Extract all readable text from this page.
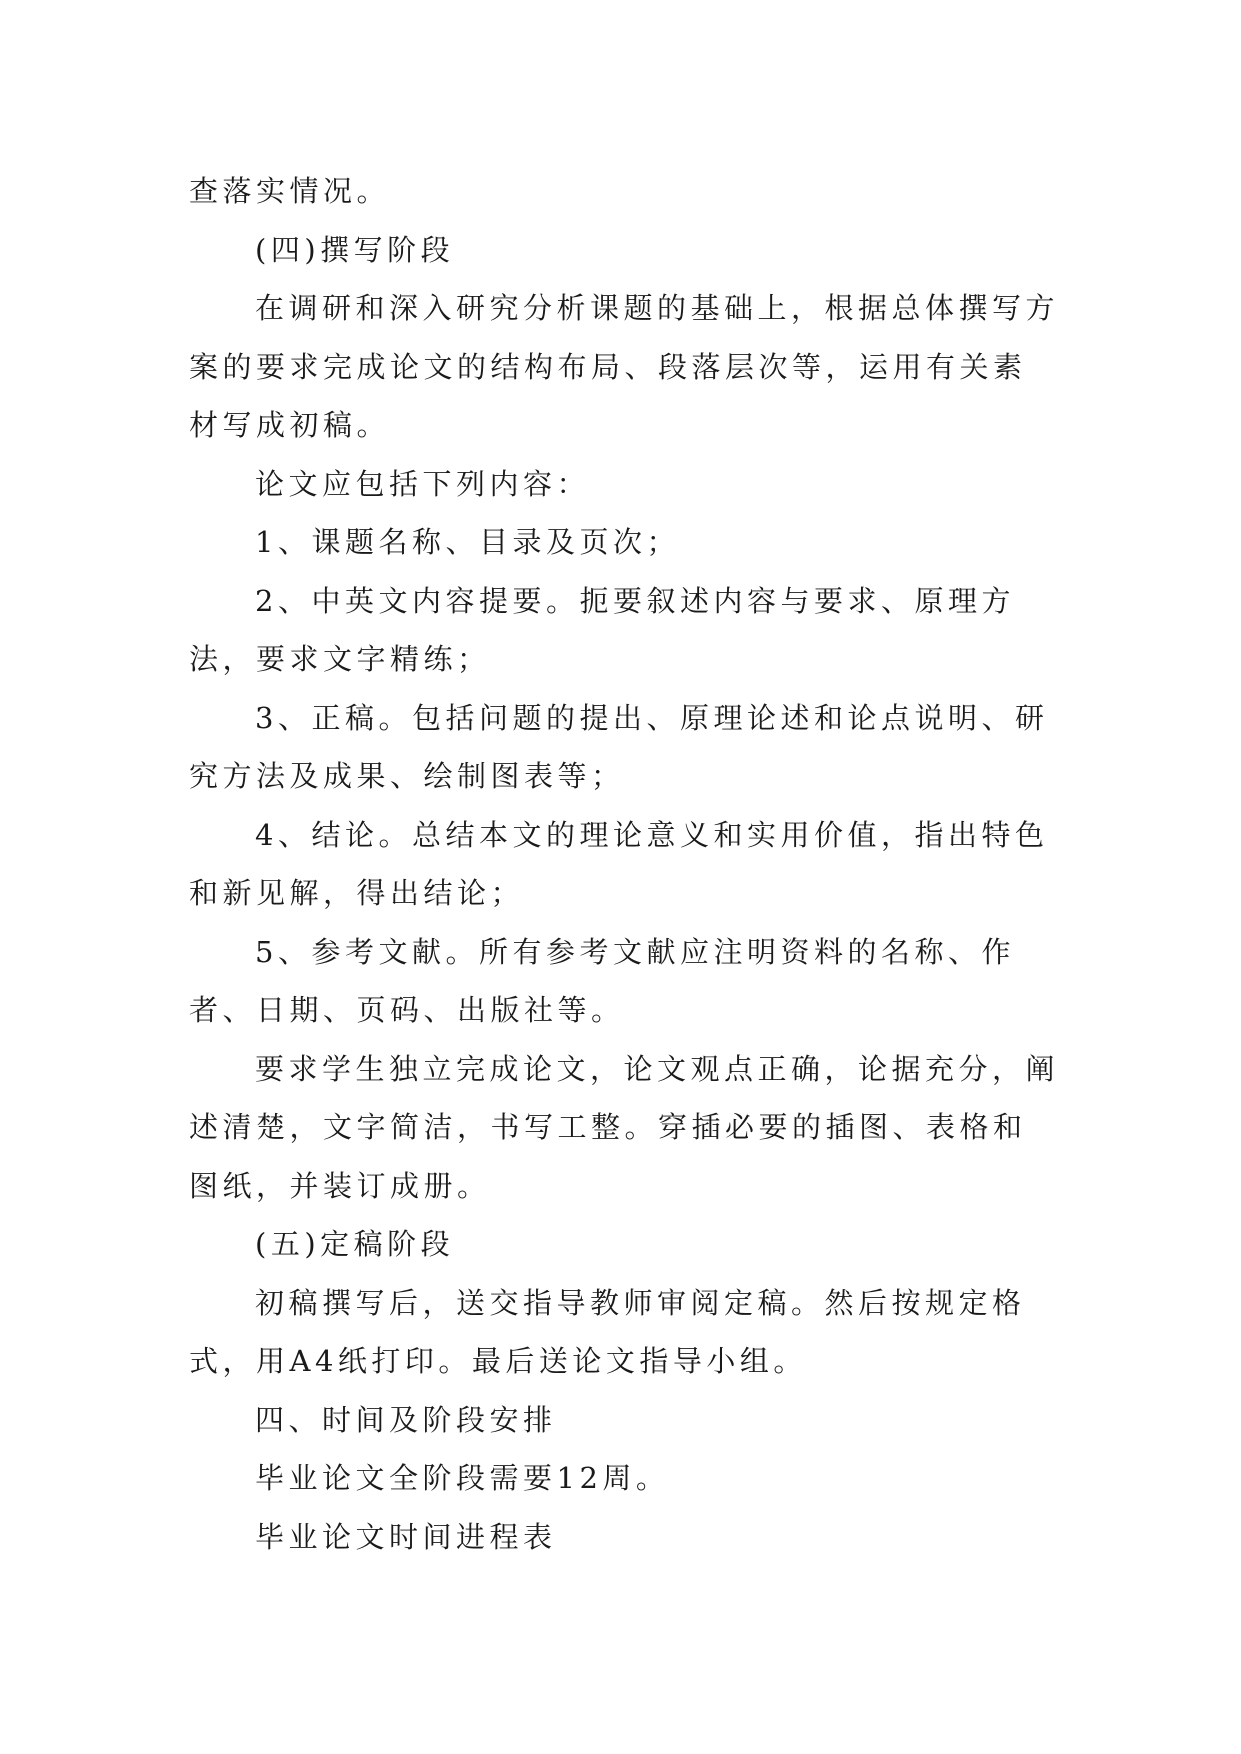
查落实情况。

(四)撰写阶段

在调研和深入研究分析课题的基础上，根据总体撰写方案的要求完成论文的结构布局、段落层次等，运用有关素材写成初稿。

论文应包括下列内容：

1、课题名称、目录及页次；

2、中英文内容提要。扼要叙述内容与要求、原理方法，要求文字精练；

3、正稿。包括问题的提出、原理论述和论点说明、研究方法及成果、绘制图表等；

4、结论。总结本文的理论意义和实用价值，指出特色和新见解，得出结论；

5、参考文献。所有参考文献应注明资料的名称、作者、日期、页码、出版社等。

要求学生独立完成论文，论文观点正确，论据充分，阐述清楚，文字简洁，书写工整。穿插必要的插图、表格和图纸，并装订成册。

(五)定稿阶段

初稿撰写后，送交指导教师审阅定稿。然后按规定格式，用A4纸打印。最后送论文指导小组。

四、时间及阶段安排

毕业论文全阶段需要12周。

毕业论文时间进程表
